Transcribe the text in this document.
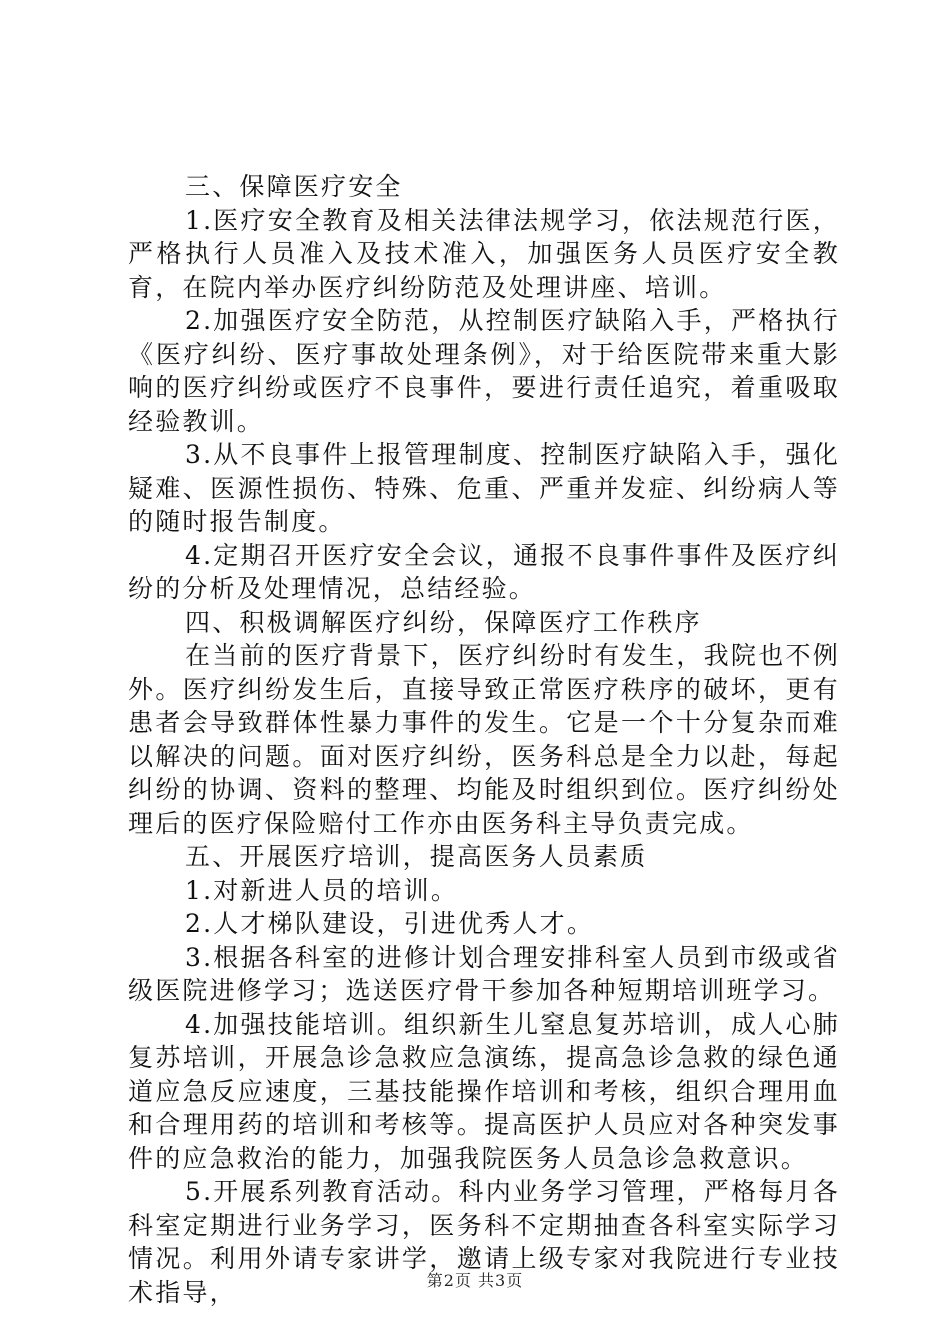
三、保障医疗安全

1.医疗安全教育及相关法律法规学习，依法规范行医，严格执行人员准入及技术准入，加强医务人员医疗安全教育，在院内举办医疗纠纷防范及处理讲座、培训。

2.加强医疗安全防范，从控制医疗缺陷入手，严格执行《医疗纠纷、医疗事故处理条例》，对于给医院带来重大影响的医疗纠纷或医疗不良事件，要进行责任追究，着重吸取经验教训。

3.从不良事件上报管理制度、控制医疗缺陷入手，强化疑难、医源性损伤、特殊、危重、严重并发症、纠纷病人等的随时报告制度。

4.定期召开医疗安全会议，通报不良事件事件及医疗纠纷的分析及处理情况，总结经验。

四、积极调解医疗纠纷，保障医疗工作秩序

在当前的医疗背景下，医疗纠纷时有发生，我院也不例外。医疗纠纷发生后，直接导致正常医疗秩序的破坏，更有患者会导致群体性暴力事件的发生。它是一个十分复杂而难以解决的问题。面对医疗纠纷，医务科总是全力以赴，每起纠纷的协调、资料的整理、均能及时组织到位。医疗纠纷处理后的医疗保险赔付工作亦由医务科主导负责完成。

五、开展医疗培训，提高医务人员素质

1.对新进人员的培训。

2.人才梯队建设，引进优秀人才。

3.根据各科室的进修计划合理安排科室人员到市级或省级医院进修学习；选送医疗骨干参加各种短期培训班学习。

4.加强技能培训。组织新生儿窒息复苏培训，成人心肺复苏培训，开展急诊急救应急演练，提高急诊急救的绿色通道应急反应速度，三基技能操作培训和考核，组织合理用血和合理用药的培训和考核等。提高医护人员应对各种突发事件的应急救治的能力，加强我院医务人员急诊急救意识。

5.开展系列教育活动。科内业务学习管理，严格每月各科室定期进行业务学习，医务科不定期抽查各科室实际学习情况。利用外请专家讲学，邀请上级专家对我院进行专业技术指导，	第2页 共3页
